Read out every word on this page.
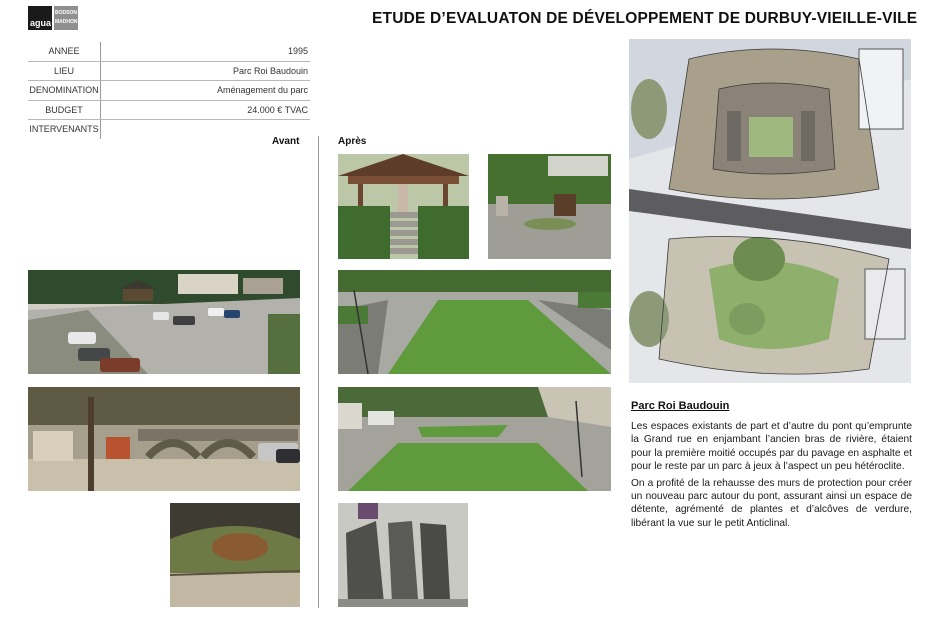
agua
BODSON
MADHON	ETUDE D’EVALUATON DE DÉVELOPPEMENT DE DURBUY-VIEILLE-VILE
ANNEE	1995
LIEU	Parc Roi Baudouin
DENOMINATION	Aménagement du parc
BUDGET	24.000 € TVAC
INTERVENANTS
Avant	Après
Parc Roi Baudouin

Les espaces existants de part et d’autre du pont qu’emprunte la Grand rue en enjambant l’ancien bras de rivière, étaient pour la première moitié occupés par du pavage en asphalte et pour le reste par un parc à jeux à l’aspect un peu hétéroclite.

On a profité de la rehausse des murs de protection pour créer un nouveau parc autour du pont, assurant ainsi un espace de détente, agrémenté de plantes et d’alcôves de verdure, libérant la vue sur le petit Anticlinal.
